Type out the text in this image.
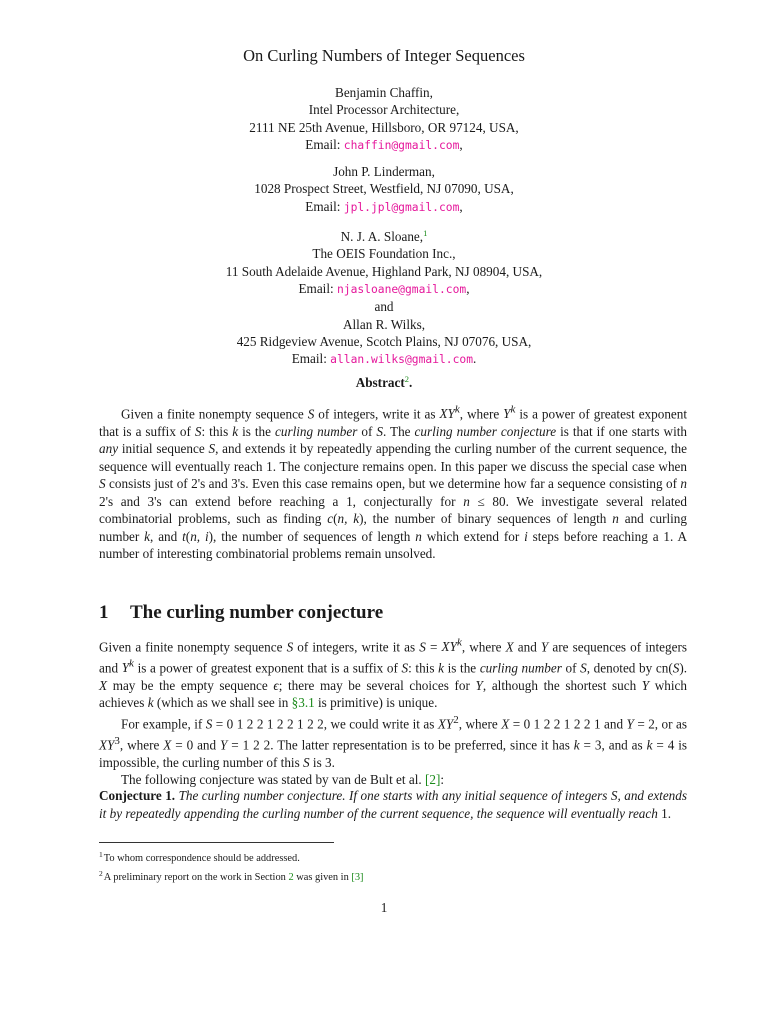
On Curling Numbers of Integer Sequences
Benjamin Chaffin,
Intel Processor Architecture,
2111 NE 25th Avenue, Hillsboro, OR 97124, USA,
Email: chaffin@gmail.com,
John P. Linderman,
1028 Prospect Street, Westfield, NJ 07090, USA,
Email: jpl.jpl@gmail.com,
N. J. A. Sloane,$^1$
The OEIS Foundation Inc.,
11 South Adelaide Avenue, Highland Park, NJ 08904, USA,
Email: njasloane@gmail.com,
and
Allan R. Wilks,
425 Ridgeview Avenue, Scotch Plains, NJ 07076, USA,
Email: allan.wilks@gmail.com.
Abstract$^2$.
Given a finite nonempty sequence S of integers, write it as $XY^k$, where $Y^k$ is a power of greatest exponent that is a suffix of S: this k is the curling number of S. The curling number conjecture is that if one starts with any initial sequence S, and extends it by repeatedly appending the curling number of the current sequence, the sequence will eventually reach 1. The conjecture remains open. In this paper we discuss the special case when S consists just of 2's and 3's. Even this case remains open, but we determine how far a sequence consisting of n 2's and 3's can extend before reaching a 1, conjecturally for n ≤ 80. We investigate several related combinatorial problems, such as finding c(n, k), the number of binary sequences of length n and curling number k, and t(n, i), the number of sequences of length n which extend for i steps before reaching a 1. A number of interesting combinatorial problems remain unsolved.
1 The curling number conjecture

Given a finite nonempty sequence S of integers, write it as $S = XY^k$, where X and Y are sequences of integers and $Y^k$ is a power of greatest exponent that is a suffix of S: this k is the curling number of S, denoted by cn(S). X may be the empty sequence ϵ; there may be several choices for Y, although the shortest such Y which achieves k (which as we shall see in §3.1 is primitive) is unique.

For example, if S = 0 1 2 2 1 2 2 1 2 2, we could write it as $XY^2$, where X = 0 1 2 2 1 2 2 1 and Y = 2, or as $XY^3$, where X = 0 and Y = 1 2 2. The latter representation is to be preferred, since it has k = 3, and as k = 4 is impossible, the curling number of this S is 3.

The following conjecture was stated by van de Bult et al. [2]:

Conjecture 1. The curling number conjecture. If one starts with any initial sequence of integers S, and extends it by repeatedly appending the curling number of the current sequence, the sequence will eventually reach 1.
$^1$To whom correspondence should be addressed.
$^2$A preliminary report on the work in Section 2 was given in [3]
1
